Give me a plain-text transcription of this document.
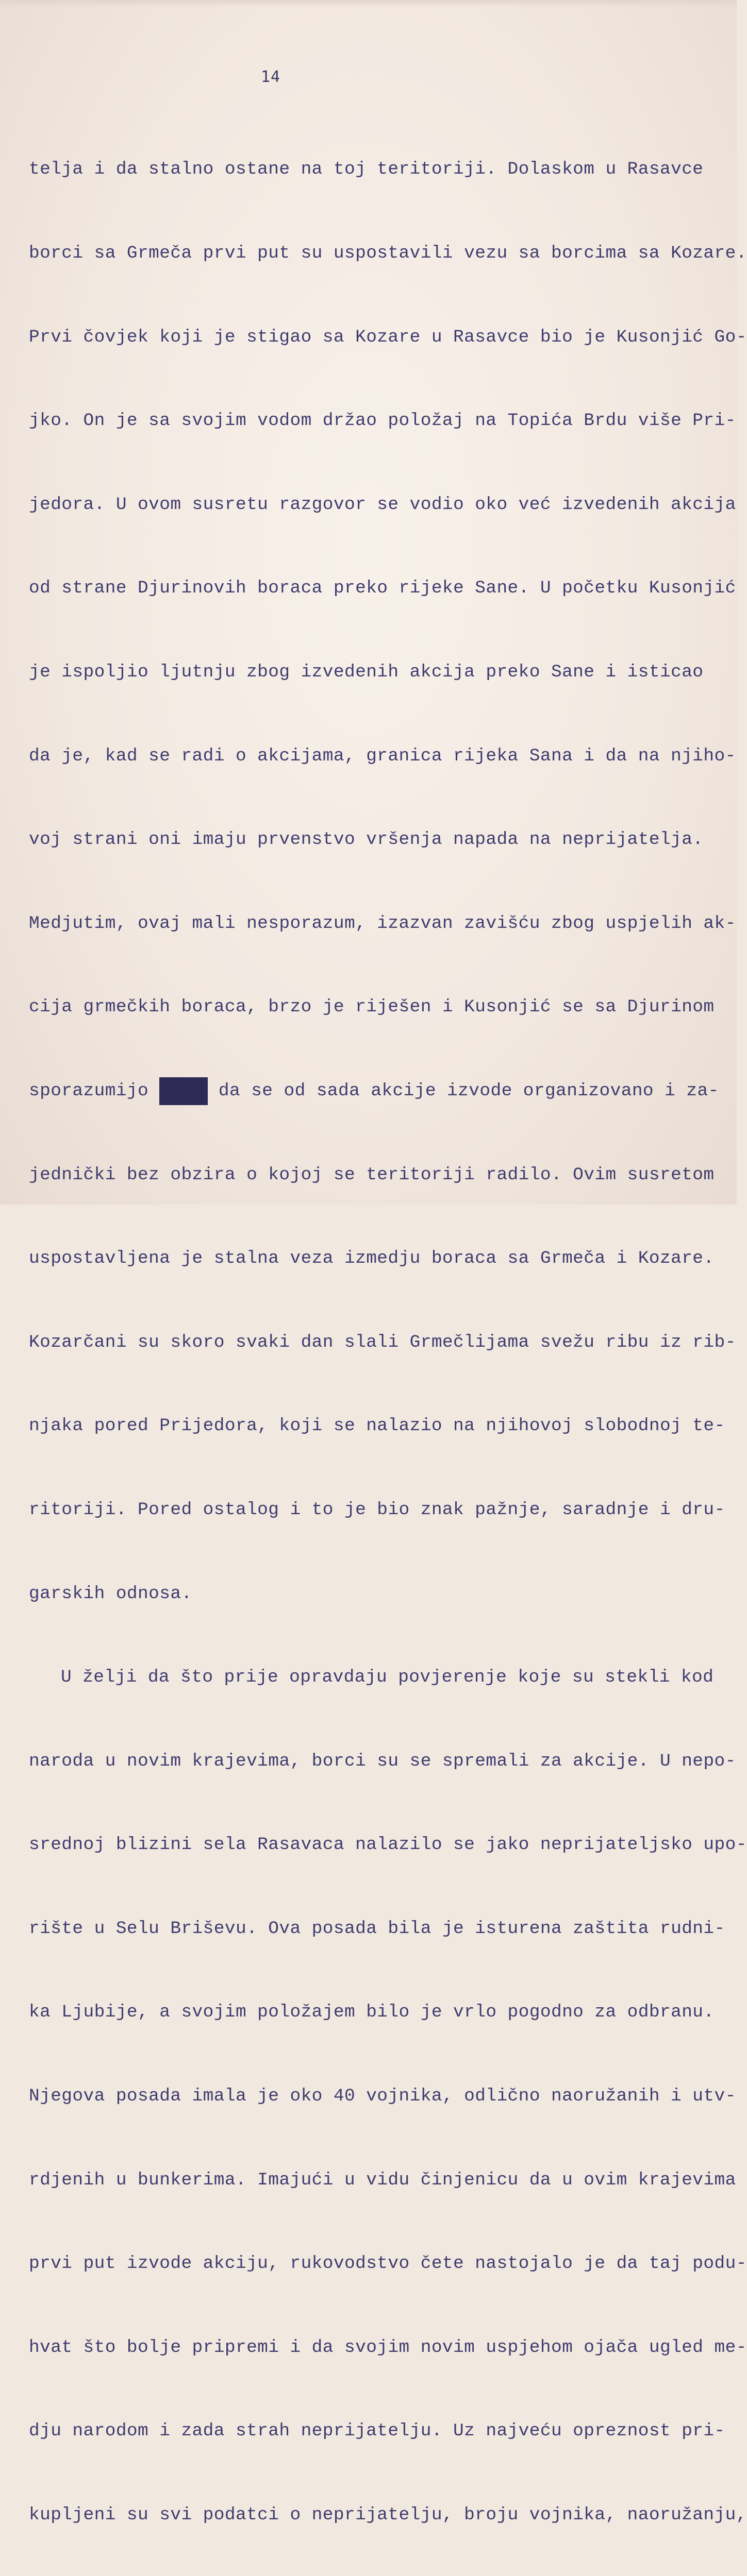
14

telja i da stalno ostane na toj teritoriji. Dolaskom u Rasavce

borci sa Grmeča prvi put su uspostavili vezu sa borcima sa Kozare.

Prvi čovjek koji je stigao sa Kozare u Rasavce bio je Kusonjić Go-

jko. On je sa svojim vodom držao položaj na Topića Brdu više Pri-

jedora. U ovom susretu razgovor se vodio oko već izvedenih akcija

od strane Djurinovih boraca preko rijeke Sane. U početku Kusonjić

je ispoljio ljutnju zbog izvedenih akcija preko Sane i isticao

da je, kad se radi o akcijama, granica rijeka Sana i da na njiho-

voj strani oni imaju prvenstvo vršenja napada na neprijatelja.

Medjutim, ovaj mali nesporazum, izazvan zavišću zbog uspjelih ak-

cija grmečkih boraca, brzo je riješen i Kusonjić se sa Djurinom

sporazumijo xxxxx da se od sada akcije izvode organizovano i za-

jednički bez obzira o kojoj se teritoriji radilo. Ovim susretom

uspostavljena je stalna veza izmedju boraca sa Grmeča i Kozare.

Kozarčani su skoro svaki dan slali Grmečlijama svežu ribu iz rib-

njaka pored Prijedora, koji se nalazio na njihovoj slobodnoj te-

ritoriji. Pored ostalog i to je bio znak pažnje, saradnje i dru-

garskih odnosa.

U želji da što prije opravdaju povjerenje koje su stekli kod

naroda u novim krajevima, borci su se spremali za akcije. U nepo-

srednoj blizini sela Rasavaca nalazilo se jako neprijateljsko upo-

rište u Selu Briševu. Ova posada bila je isturena zaštita rudni-

ka Ljubije, a svojim položajem bilo je vrlo pogodno za odbranu.

Njegova posada imala je oko 40 vojnika, odlično naoružanih i utv-

rdjenih u bunkerima. Imajući u vidu činjenicu da u ovim krajevima

prvi put izvode akciju, rukovodstvo čete nastojalo je da taj podu-

hvat što bolje pripremi i da svojim novim uspjehom ojača ugled me-

dju narodom i zada strah neprijatelju. Uz najveću opreznost pri-

kupljeni su svi podatci o neprijatelju, broju vojnika, naoružanju,
